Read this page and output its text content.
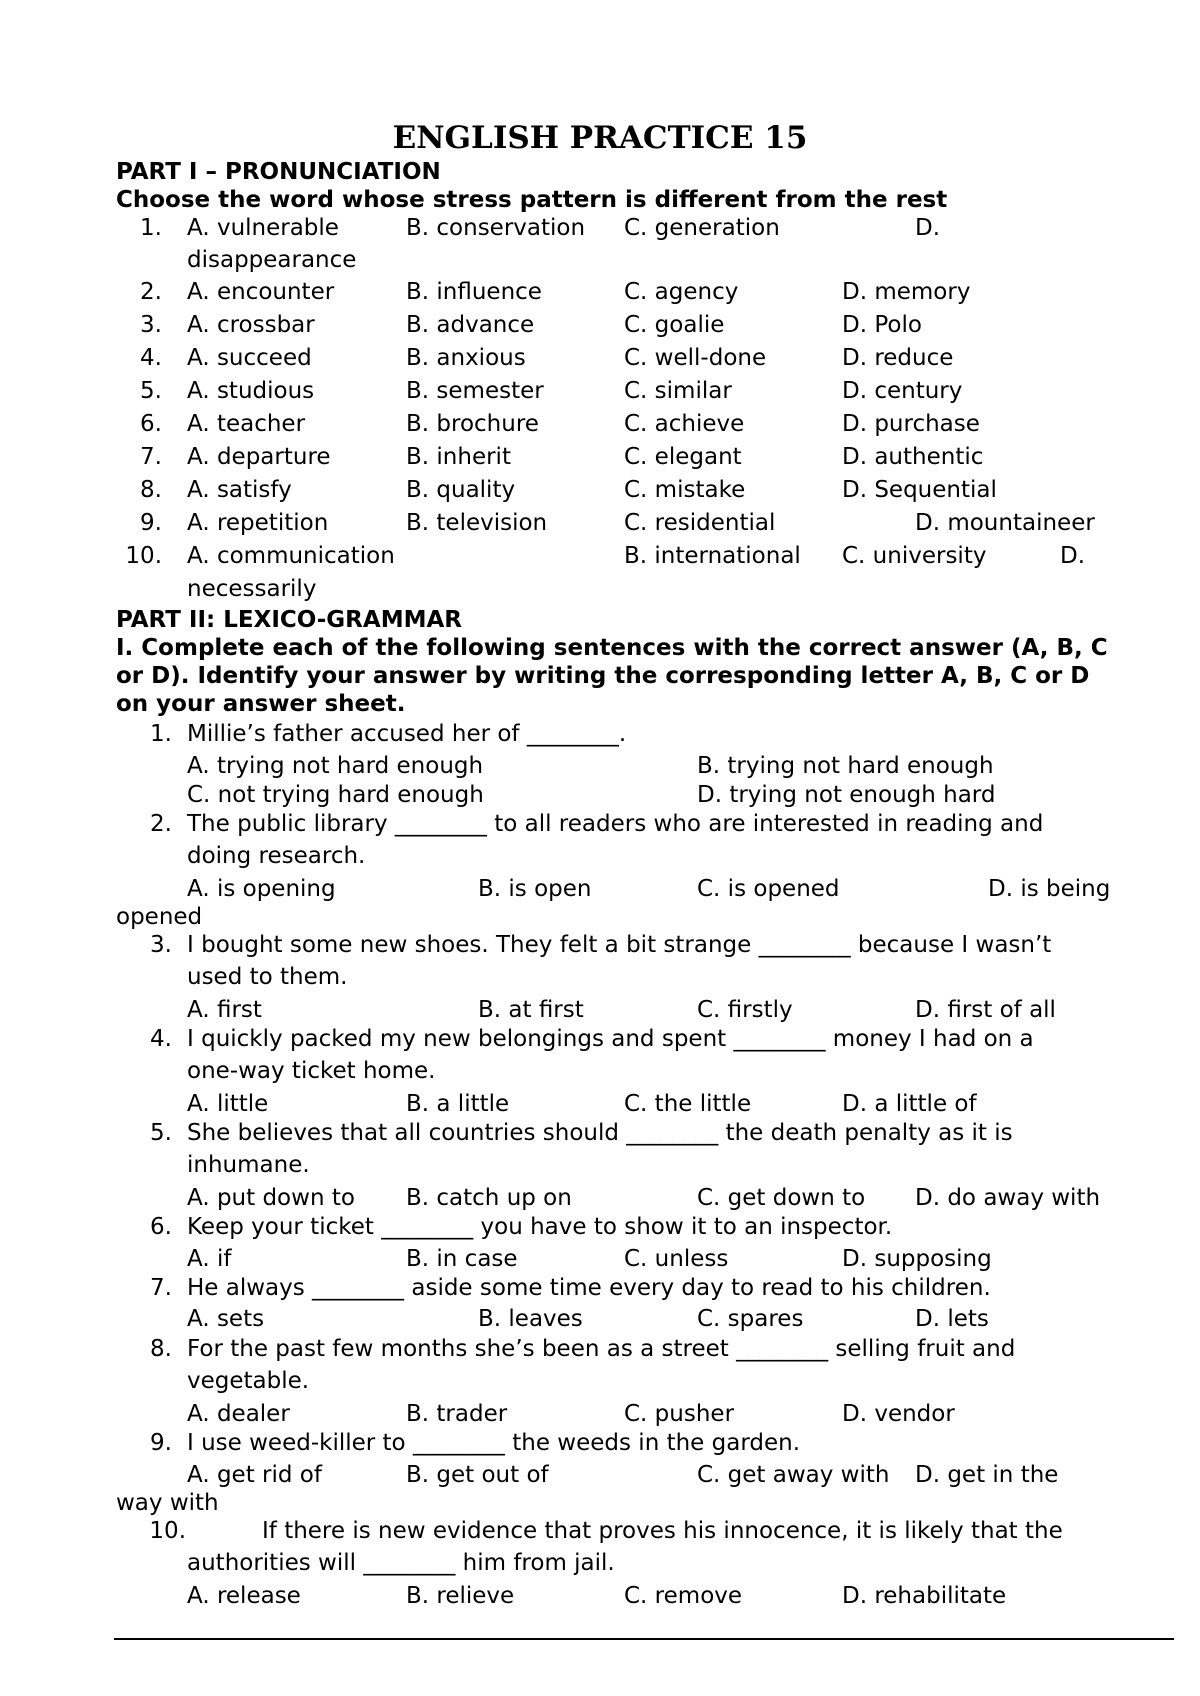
ENGLISH PRACTICE 15
PART I – PRONUNCIATION
Choose the word whose stress pattern is different from the rest
1. A. vulnerable	B. conservation C. generation	D.
disappearance
2. A. encounter	B. influence	C. agency	D. memory
3. A. crossbar	B. advance	C. goalie	D. Polo
4. A. succeed	B. anxious	C. well-done	D. reduce
5. A. studious	B. semester	C. similar	D. century
6. A. teacher	B. brochure	C. achieve	D. purchase
7. A. departure	B. inherit	C. elegant	D. authentic
8. A. satisfy	B. quality	C. mistake	D. Sequential
9. A. repetition	B. television	C. residential	D. mountaineer
10. A. communication	B. international C. university	D.
necessarily
PART II: LEXICO-GRAMMAR
I. Complete each of the following sentences with the correct answer (A, B, C or D). Identify your answer by writing the corresponding letter A, B, C or D on your answer sheet.
1. Millie’s father accused her of ________.
A. trying not hard enough	B. trying not hard enough
C. not trying hard enough	D. trying not enough hard
2. The public library ________ to all readers who are interested in reading and
doing research.
A. is opening	B. is open	C. is opened	D. is being
opened
3. I bought some new shoes. They felt a bit strange ________ because I wasn’t
used to them.
A. first	B. at first	C. firstly	D. first of all
4. I quickly packed my new belongings and spent ________ money I had on a
one-way ticket home.
A. little	B. a little	C. the little	D. a little of
5. She believes that all countries should ________ the death penalty as it is
inhumane.
A. put down to B. catch up on	C. get down to D. do away with
6. Keep your ticket ________ you have to show it to an inspector.
A. if	B. in case	C. unless	D. supposing
7. He always ________ aside some time every day to read to his children.
A. sets	B. leaves	C. spares	D. lets
8. For the past few months she’s been as a street ________ selling fruit and
vegetable.
A. dealer	B. trader	C. pusher	D. vendor
9. I use weed-killer to ________ the weeds in the garden.
A. get rid of	B. get out of	C. get away with D. get in the
way with
10.	If there is new evidence that proves his innocence, it is likely that the
authorities will ________ him from jail.
A. release	B. relieve	C. remove	D. rehabilitate
